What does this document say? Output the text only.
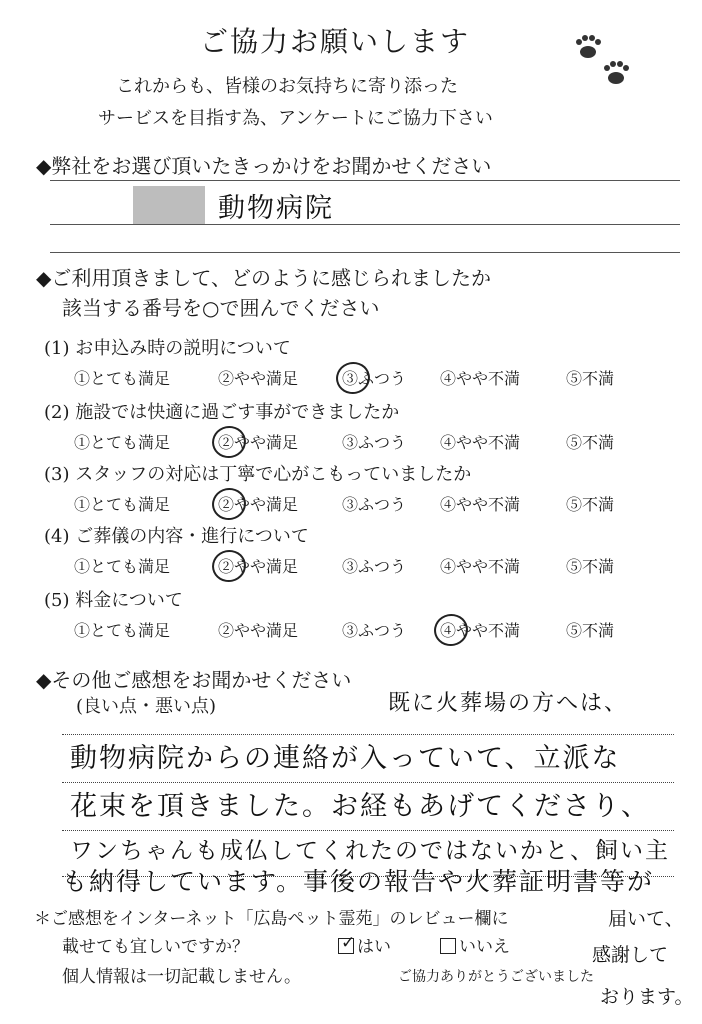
ご協力お願いします
これからも、皆様のお気持ちに寄り添った
サービスを目指す為、アンケートにご協力下さい
◆弊社をお選び頂いたきっかけをお聞かせください
動物病院
◆ご利用頂きまして、どのように感じられましたか
該当する番号を○で囲んでください
(1) お申込み時の説明について
①とても満足	②やや満足	③ふつう ④やや不満	⑤不満
(2) 施設では快適に過ごす事ができましたか
①とても満足	②やや満足	③ふつう ④やや不満	⑤不満
(3) スタッフの対応は丁寧で心がこもっていましたか
①とても満足	②やや満足	③ふつう ④やや不満	⑤不満
(4) ご葬儀の内容・進行について
①とても満足	②やや満足	③ふつう ④やや不満	⑤不満
(5) 料金について
①とても満足	②やや満足	③ふつう ④やや不満	⑤不満
◆その他ご感想をお聞かせください
(良い点・悪い点)	既に火葬場の方へは、
動物病院からの連絡が入っていて、立派な
花束を頂きました。お経もあげてくださり、
ワンちゃんも成仏してくれたのではないかと、飼い主
も納得しています。事後の報告や火葬証明書等が
＊ご感想をインターネット「広島ペット霊苑」のレビュー欄に
載せても宜しいですか？	✓ はい	いいえ
個人情報は一切記載しません。	ご協力ありがとうございました
届いて、
感謝して
おります。
